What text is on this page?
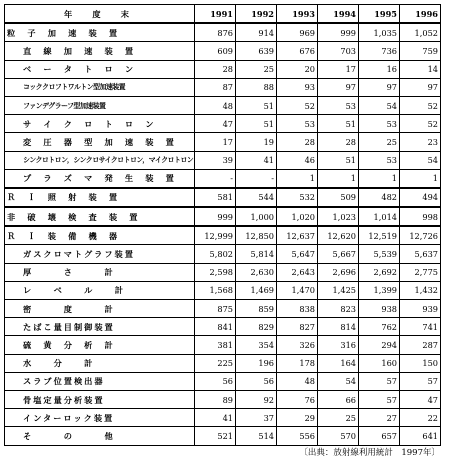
年　度　末	1991	1992	1993	1994	1995	1996
粒　子　加　速　装　置	876	914	969	999	1,035	1,052
直　線　加　速　装　置	609	639	676	703	736	759
ベ　ー　タ　ト　ロ　ン	28	25	20	17	16	14
コッククロフトワルトン型加速装置	87	88	93	97	97	97
ファンデグラーフ型加速装置	48	51	52	53	54	52
サ　イ　ク　ロ　ト　ロ　ン	47	51	53	51	53	52
変　圧　器　型　加　速　装　置	17	19	28	28	25	23
シンクロトロン，シンクロサイクロトロン，マイクロトロン	39	41	46	51	53	54
プ　ラ　ズ　マ　発　生　装　置	-	-	1	1	1	1
Ｒ　Ｉ　照　射　装　置	581	544	532	509	482	494
非　破　壊　検　査　装　置	999	1,000	1,020	1,023	1,014	998
Ｒ　Ｉ　装　備　機　器	12,999	12,850	12,637	12,620	12,519	12,726
ガスクロマトグラフ装置	5,802	5,814	5,647	5,667	5,539	5,637
厚　　　さ　　　計	2,598	2,630	2,643	2,696	2,692	2,775
レ　　ベ　　ル　　計	1,568	1,469	1,470	1,425	1,399	1,432
密　　　度　　　計	875	859	838	823	938	939
たばこ量目制御装置	841	829	827	814	762	741
硫　黄　分　析　計	381	354	326	316	294	287
水　　分　　計	225	196	178	164	160	150
スラブ位置検出器	56	56	48	54	57	57
骨塩定量分析装置	89	92	76	66	57	47
インターロック装置	41	37	29	25	27	22
そ　　　の　　　他	521	514	556	570	657	641
〔出典：放射線利用統計　1997年〕
